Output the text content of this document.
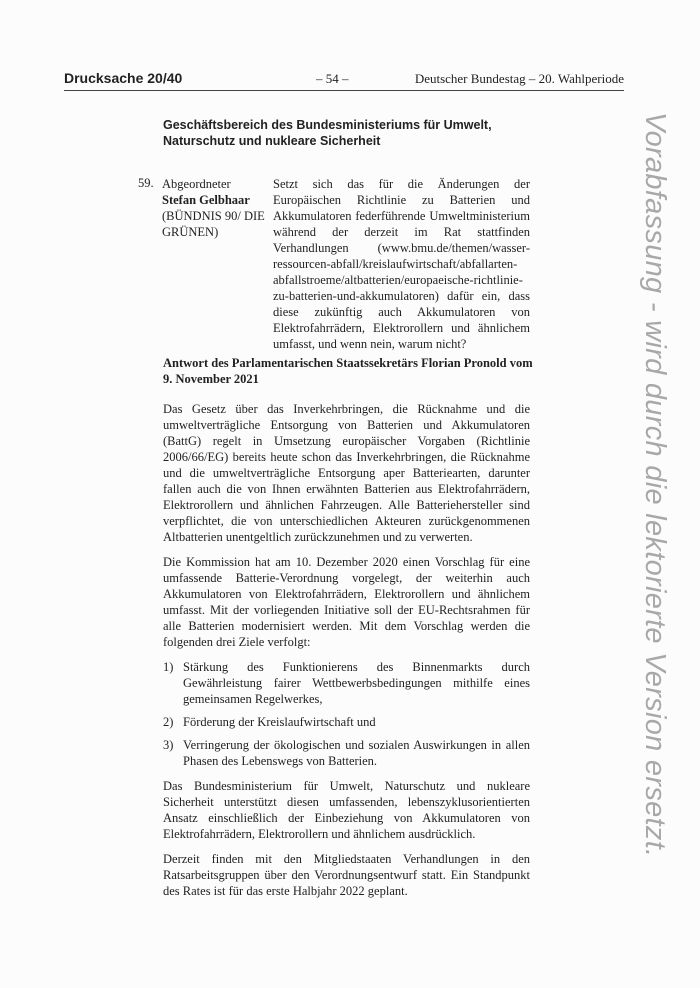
Drucksache 20/40	– 54 –	Deutscher Bundestag – 20. Wahlperiode
Geschäftsbereich des Bundesministeriums für Umwelt, Naturschutz und nukleare Sicherheit
59. Abgeordneter
Stefan Gelbhaar
(BÜNDNIS 90/ DIE GRÜNEN)
Setzt sich das für die Änderungen der Europäischen Richtlinie zu Batterien und Akkumulatoren federführende Umweltministerium während der derzeit im Rat stattfinden Verhandlungen (www.bmu.de/themen/wasser-ressourcen-abfall/kreislaufwirtschaft/abfallarten-abfallstroeme/altbatterien/europaeische-richtlinie-zu-batterien-und-akkumulatoren) dafür ein, dass diese zukünftig auch Akkumulatoren von Elektrofahrrädern, Elektrorollern und ähnlichem umfasst, und wenn nein, warum nicht?
Antwort des Parlamentarischen Staatssekretärs Florian Pronold vom 9. November 2021

Das Gesetz über das Inverkehrbringen, die Rücknahme und die umweltverträgliche Entsorgung von Batterien und Akkumulatoren (BattG) regelt in Umsetzung europäischer Vorgaben (Richtlinie 2006/66/EG) bereits heute schon das Inverkehrbringen, die Rücknahme und die umweltverträgliche Entsorgung aper Batteriearten, darunter fallen auch die von Ihnen erwähnten Batterien aus Elektrofahrrädern, Elektrorollern und ähnlichen Fahrzeugen. Alle Batteriehersteller sind verpflichtet, die von unterschiedlichen Akteuren zurückgenommenen Altbatterien unentgeltlich zurückzunehmen und zu verwerten.

Die Kommission hat am 10. Dezember 2020 einen Vorschlag für eine umfassende Batterie-Verordnung vorgelegt, der weiterhin auch Akkumulatoren von Elektrofahrrädern, Elektrorollern und ähnlichem umfasst. Mit der vorliegenden Initiative soll der EU-Rechtsrahmen für alle Batterien modernisiert werden. Mit dem Vorschlag werden die folgenden drei Ziele verfolgt:

1) Stärkung des Funktionierens des Binnenmarkts durch Gewährleistung fairer Wettbewerbsbedingungen mithilfe eines gemeinsamen Regelwerkes,
2) Förderung der Kreislaufwirtschaft und
3) Verringerung der ökologischen und sozialen Auswirkungen in allen Phasen des Lebenswegs von Batterien.

Das Bundesministerium für Umwelt, Naturschutz und nukleare Sicherheit unterstützt diesen umfassenden, lebenszyklusorientierten Ansatz einschließlich der Einbeziehung von Akkumulatoren von Elektrofahrrädern, Elektrorollern und ähnlichem ausdrücklich.

Derzeit finden mit den Mitgliedstaaten Verhandlungen in den Ratsarbeitsgruppen über den Verordnungsentwurf statt. Ein Standpunkt des Rates ist für das erste Halbjahr 2022 geplant.

Vorabfassung - wird durch die lektorierte Version ersetzt.
